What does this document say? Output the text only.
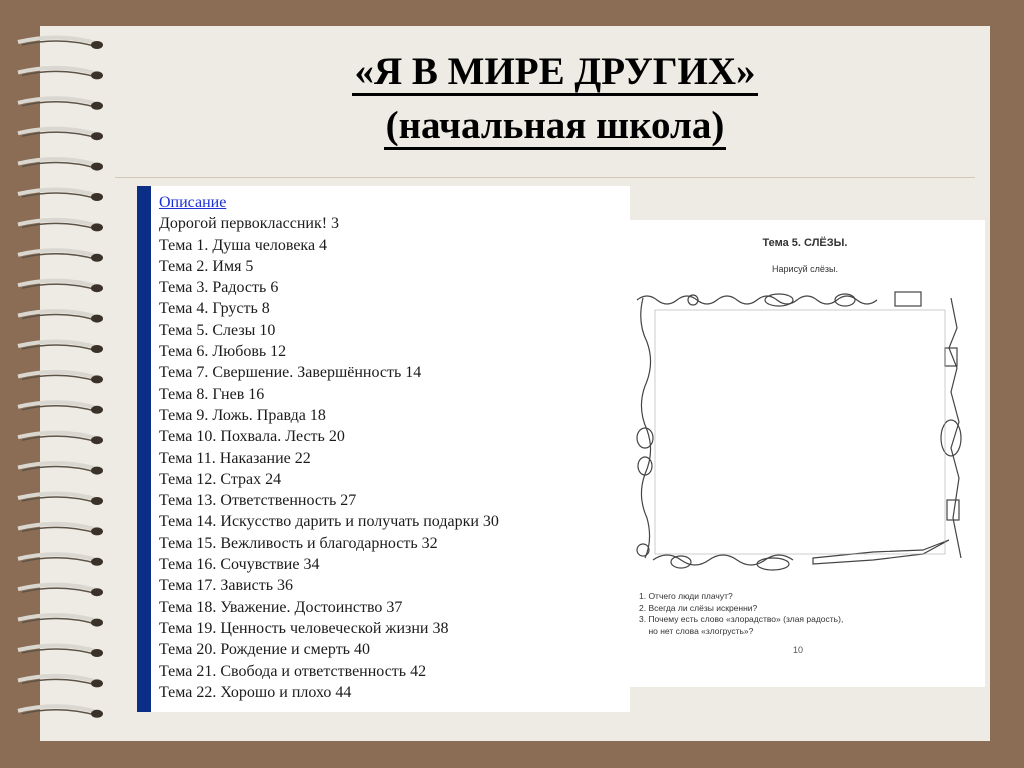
«Я В МИРЕ ДРУГИХ»
(начальная школа)
Описание
Дорогой первоклассник! 3
Тема 1. Душа человека 4
Тема 2. Имя 5
Тема 3. Радость 6
Тема 4. Грусть 8
Тема 5. Слезы 10
Тема 6. Любовь 12
Тема 7. Свершение. Завершённость 14
Тема 8. Гнев 16
Тема 9. Ложь. Правда 18
Тема 10. Похвала. Лесть 20
Тема 11. Наказание 22
Тема 12. Страх 24
Тема 13. Ответственность 27
Тема 14. Искусство дарить и получать подарки 30
Тема 15. Вежливость и благодарность 32
Тема 16. Сочувствие 34
Тема 17. Зависть 36
Тема 18. Уважение. Достоинство 37
Тема 19. Ценность человеческой жизни 38
Тема 20. Рождение и смерть 40
Тема 21. Свобода и ответственность 42
Тема 22. Хорошо и плохо 44
Тема 5. СЛЁЗЫ.
Нарисуй слёзы.
1. Отчего люди плачут?
2. Всегда ли слёзы искренни?
3. Почему есть слово «злорадство» (злая радость),
но нет слова «злогрусть»?
10
